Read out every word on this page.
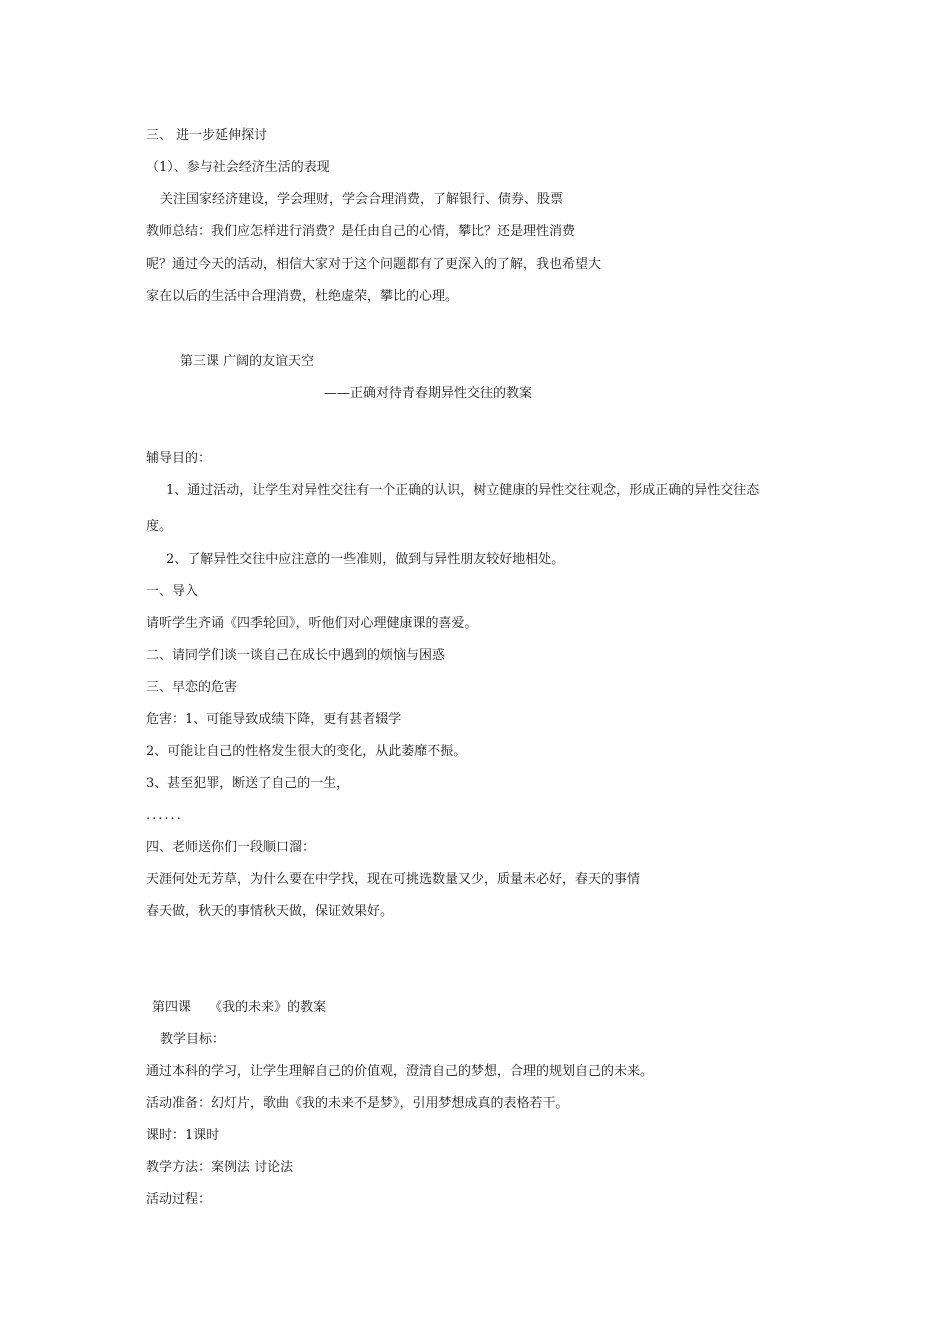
三、 进一步延伸探讨
（1）、参与社会经济生活的表现
关注国家经济建设，学会理财，学会合理消费，了解银行、债券、股票
教师总结：我们应怎样进行消费？是任由自己的心情，攀比？还是理性消费
呢？通过今天的活动，相信大家对于这个问题都有了更深入的了解，我也希望大
家在以后的生活中合理消费，杜绝虚荣，攀比的心理。
第三课 广阔的友谊天空
——正确对待青春期异性交往的教案
辅导目的：
1、通过活动，让学生对异性交往有一个正确的认识，树立健康的异性交往观念，形成正确的异性交往态
度。
2、了解异性交往中应注意的一些准则，做到与异性朋友较好地相处。
一、导入
请听学生齐诵《四季轮回》，听他们对心理健康课的喜爱。
二、请同学们谈一谈自己在成长中遇到的烦恼与困惑
三、早恋的危害
危害：1、可能导致成绩下降，更有甚者辍学
2、可能让自己的性格发生很大的变化，从此萎靡不振。
3、甚至犯罪，断送了自己的一生，
......
四、老师送你们一段顺口溜：
天涯何处无芳草，为什么要在中学找，现在可挑选数量又少，质量未必好，春天的事情
春天做，秋天的事情秋天做，保证效果好。
第四课 《我的未来》的教案
教学目标：
通过本科的学习，让学生理解自己的价值观，澄清自己的梦想，合理的规划自己的未来。
活动准备：幻灯片，歌曲《我的未来不是梦》，引用梦想成真的表格若干。
课时：1课时
教学方法：案例法 讨论法
活动过程：
